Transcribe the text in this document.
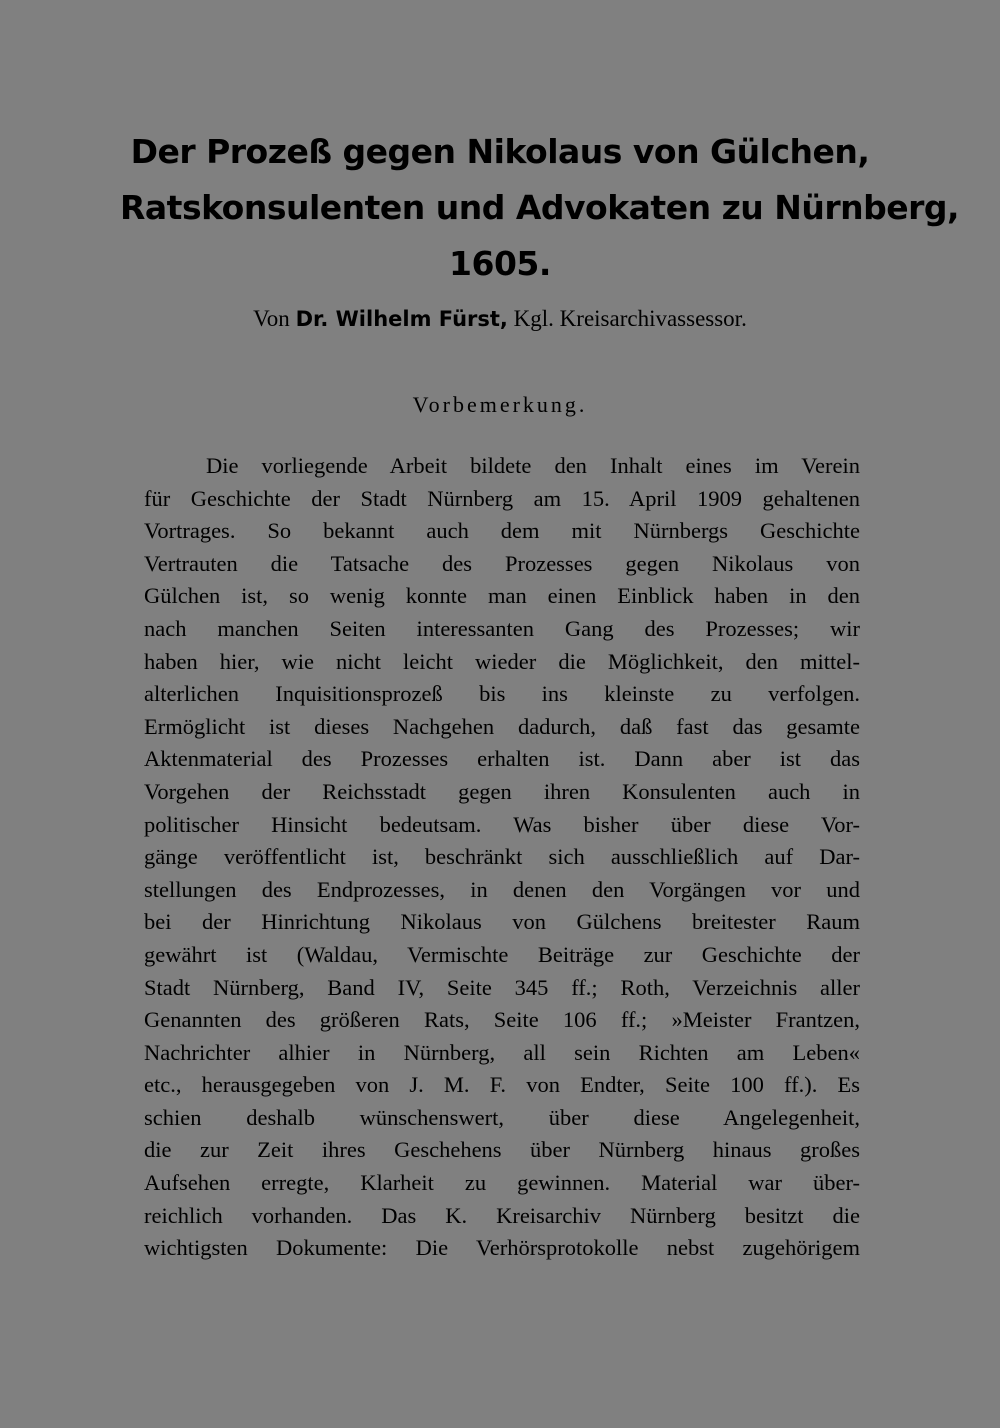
Der Prozeß gegen Nikolaus von Gülchen,
Ratskonsulenten und Advokaten zu Nürnberg,
1605.
Von Dr. Wilhelm Fürst, Kgl. Kreisarchivassessor.
Vorbemerkung.
Die vorliegende Arbeit bildete den Inhalt eines im Verein
für Geschichte der Stadt Nürnberg am 15. April 1909 gehaltenen
Vortrages. So bekannt auch dem mit Nürnbergs Geschichte
Vertrauten die Tatsache des Prozesses gegen Nikolaus von
Gülchen ist, so wenig konnte man einen Einblick haben in den
nach manchen Seiten interessanten Gang des Prozesses; wir
haben hier, wie nicht leicht wieder die Möglichkeit, den mittel-
alterlichen Inquisitionsprozeß bis ins kleinste zu verfolgen.
Ermöglicht ist dieses Nachgehen dadurch, daß fast das gesamte
Aktenmaterial des Prozesses erhalten ist. Dann aber ist das
Vorgehen der Reichsstadt gegen ihren Konsulenten auch in
politischer Hinsicht bedeutsam. Was bisher über diese Vor-
gänge veröffentlicht ist, beschränkt sich ausschließlich auf Dar-
stellungen des Endprozesses, in denen den Vorgängen vor und
bei der Hinrichtung Nikolaus von Gülchens breitester Raum
gewährt ist (Waldau, Vermischte Beiträge zur Geschichte der
Stadt Nürnberg, Band IV, Seite 345 ff.; Roth, Verzeichnis aller
Genannten des größeren Rats, Seite 106 ff.; »Meister Frantzen,
Nachrichter alhier in Nürnberg, all sein Richten am Leben«
etc., herausgegeben von J. M. F. von Endter, Seite 100 ff.). Es
schien deshalb wünschenswert, über diese Angelegenheit,
die zur Zeit ihres Geschehens über Nürnberg hinaus großes
Aufsehen erregte, Klarheit zu gewinnen. Material war über-
reichlich vorhanden. Das K. Kreisarchiv Nürnberg besitzt die
wichtigsten Dokumente: Die Verhörsprotokolle nebst zugehörigem
